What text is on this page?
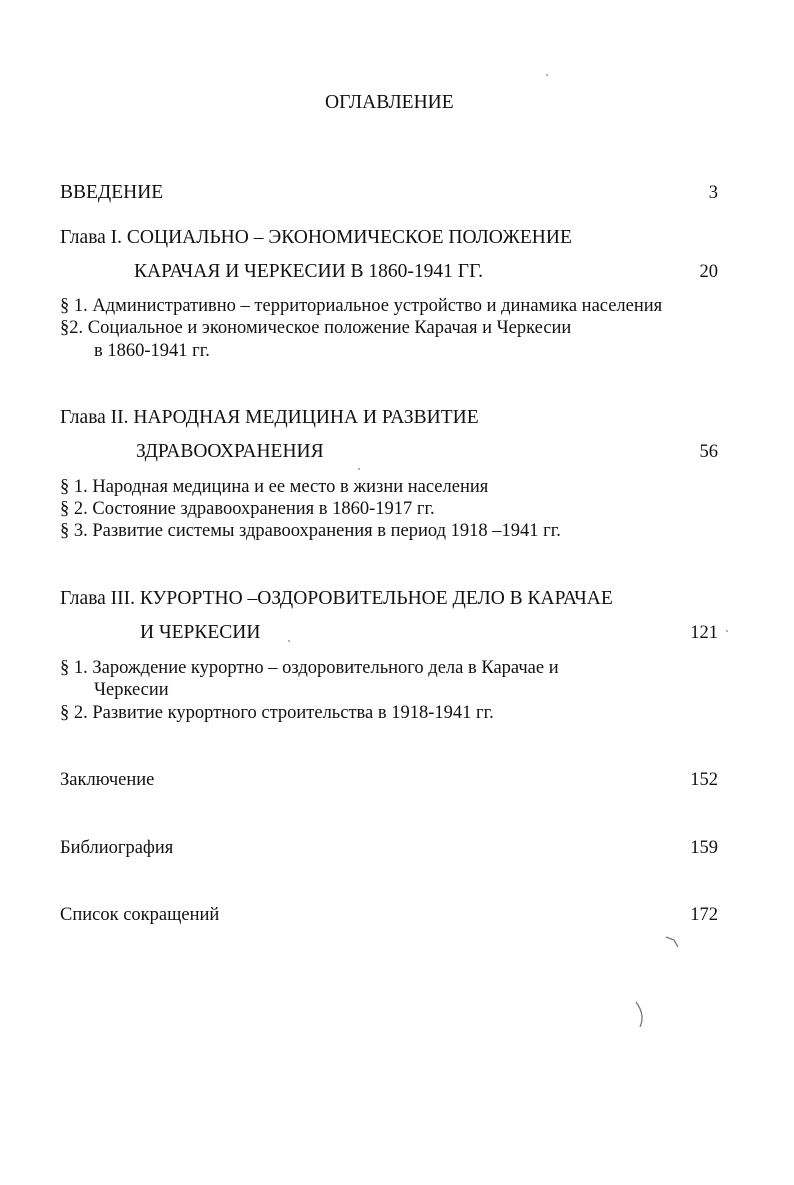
ОГЛАВЛЕНИЕ
ВВЕДЕНИЕ	3
Глава I. СОЦИАЛЬНО – ЭКОНОМИЧЕСКОЕ ПОЛОЖЕНИЕ
КАРАЧАЯ И ЧЕРКЕСИИ В 1860-1941 ГГ.	20
§ 1. Административно – территориальное устройство и динамика населения
§2. Социальное и экономическое положение Карачая и Черкесии
в 1860-1941 гг.
Глава II. НАРОДНАЯ МЕДИЦИНА И РАЗВИТИЕ
ЗДРАВООХРАНЕНИЯ	56
§ 1. Народная медицина и ее место в жизни населения
§ 2. Состояние здравоохранения в 1860-1917 гг.
§ 3. Развитие системы здравоохранения в период 1918 –1941 гг.
Глава III. КУРОРТНО –ОЗДОРОВИТЕЛЬНОЕ ДЕЛО В КАРАЧАЕ
И ЧЕРКЕСИИ	121
§ 1. Зарождение курортно – оздоровительного дела в Карачае и
Черкесии
§ 2. Развитие курортного строительства в 1918-1941 гг.
Заключение	152
Библиография	159
Список сокращений	172
